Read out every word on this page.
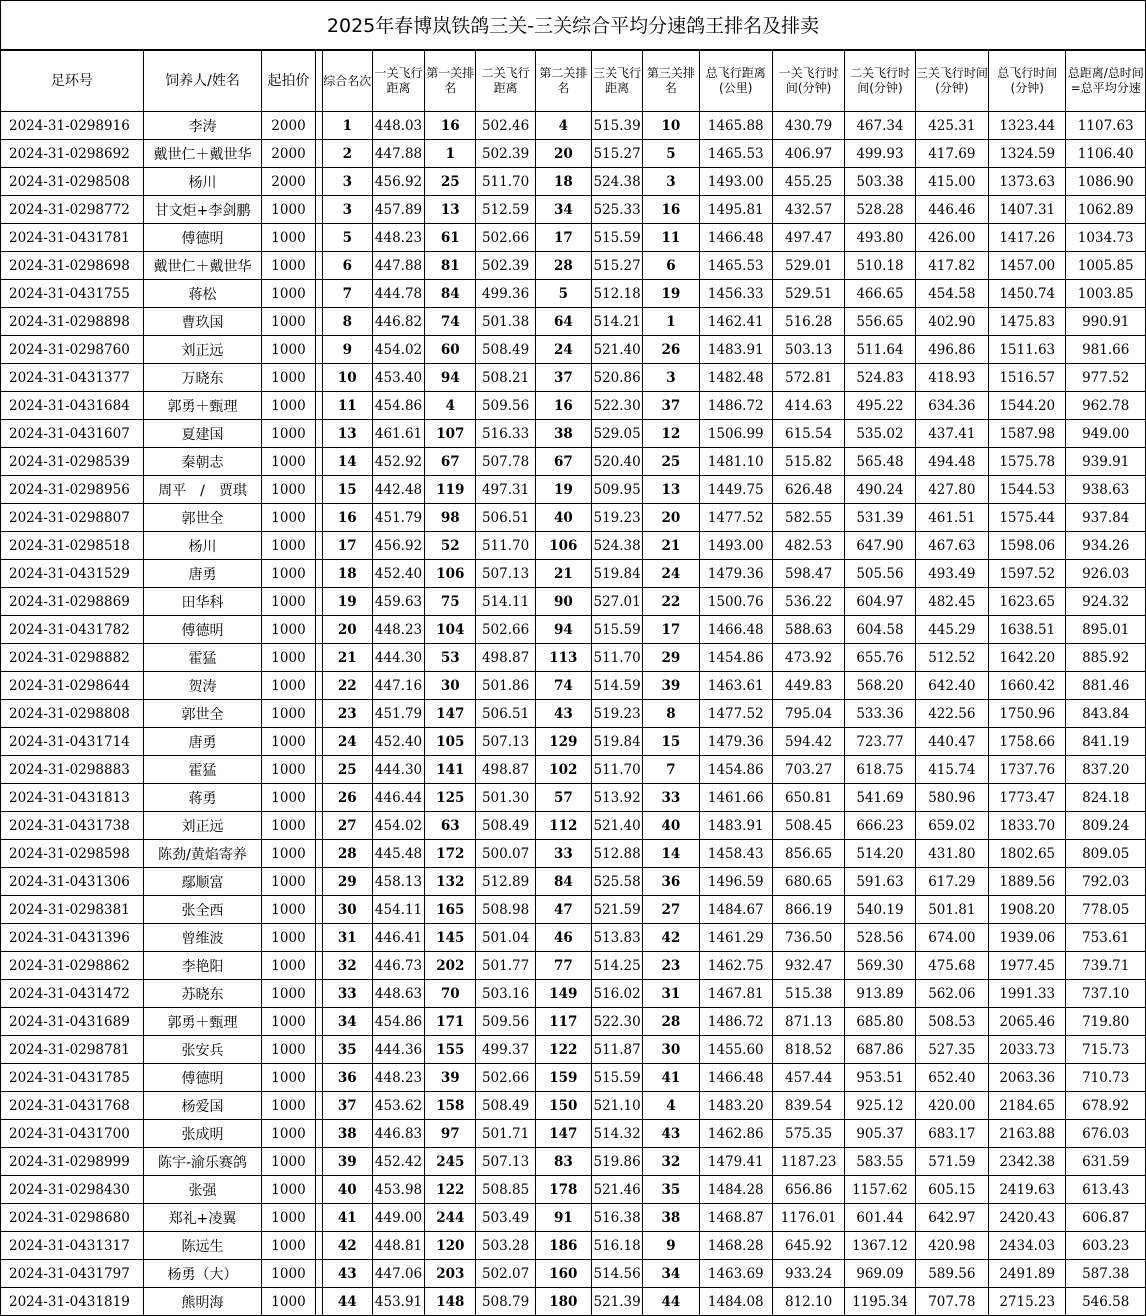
2025年春博岚铁鸽三关-三关综合平均分速鸽王排名及排卖
足环号	饲养人/姓名	起拍价		综合名次	一关飞行距离	第一关排名	二关飞行距离	第二关排名	三关飞行距离	第三关排名	总飞行距离(公里)	一关飞行时间(分钟)	二关飞行时间(分钟)	三关飞行时间(分钟)	总飞行时间(分钟)	总距离/总时间=总平均分速
2024-31-0298916	李涛	2000		1	448.03	16	502.46	4	515.39	10	1465.88	430.79	467.34	425.31	1323.44	1107.63
2024-31-0298692	戴世仁＋戴世华	2000		2	447.88	1	502.39	20	515.27	5	1465.53	406.97	499.93	417.69	1324.59	1106.40
2024-31-0298508	杨川	2000		3	456.92	25	511.70	18	524.38	3	1493.00	455.25	503.38	415.00	1373.63	1086.90
2024-31-0298772	甘文炬+李剑鹏	1000		3	457.89	13	512.59	34	525.33	16	1495.81	432.57	528.28	446.46	1407.31	1062.89
2024-31-0431781	傅德明	1000		5	448.23	61	502.66	17	515.59	11	1466.48	497.47	493.80	426.00	1417.26	1034.73
2024-31-0298698	戴世仁＋戴世华	1000		6	447.88	81	502.39	28	515.27	6	1465.53	529.01	510.18	417.82	1457.00	1005.85
2024-31-0431755	蒋松	1000		7	444.78	84	499.36	5	512.18	19	1456.33	529.51	466.65	454.58	1450.74	1003.85
2024-31-0298898	曹玖国	1000		8	446.82	74	501.38	64	514.21	1	1462.41	516.28	556.65	402.90	1475.83	990.91
2024-31-0298760	刘正远	1000		9	454.02	60	508.49	24	521.40	26	1483.91	503.13	511.64	496.86	1511.63	981.66
2024-31-0431377	万晓东	1000		10	453.40	94	508.21	37	520.86	3	1482.48	572.81	524.83	418.93	1516.57	977.52
2024-31-0431684	郭勇＋甄理	1000		11	454.86	4	509.56	16	522.30	37	1486.72	414.63	495.22	634.36	1544.20	962.78
2024-31-0431607	夏建国	1000		13	461.61	107	516.33	38	529.05	12	1506.99	615.54	535.02	437.41	1587.98	949.00
2024-31-0298539	秦朝志	1000		14	452.92	67	507.78	67	520.40	25	1481.10	515.82	565.48	494.48	1575.78	939.91
2024-31-0298956	周平　/　贾琪	1000		15	442.48	119	497.31	19	509.95	13	1449.75	626.48	490.24	427.80	1544.53	938.63
2024-31-0298807	郭世全	1000		16	451.79	98	506.51	40	519.23	20	1477.52	582.55	531.39	461.51	1575.44	937.84
2024-31-0298518	杨川	1000		17	456.92	52	511.70	106	524.38	21	1493.00	482.53	647.90	467.63	1598.06	934.26
2024-31-0431529	唐勇	1000		18	452.40	106	507.13	21	519.84	24	1479.36	598.47	505.56	493.49	1597.52	926.03
2024-31-0298869	田华科	1000		19	459.63	75	514.11	90	527.01	22	1500.76	536.22	604.97	482.45	1623.65	924.32
2024-31-0431782	傅德明	1000		20	448.23	104	502.66	94	515.59	17	1466.48	588.63	604.58	445.29	1638.51	895.01
2024-31-0298882	霍猛	1000		21	444.30	53	498.87	113	511.70	29	1454.86	473.92	655.76	512.52	1642.20	885.92
2024-31-0298644	贺涛	1000		22	447.16	30	501.86	74	514.59	39	1463.61	449.83	568.20	642.40	1660.42	881.46
2024-31-0298808	郭世全	1000		23	451.79	147	506.51	43	519.23	8	1477.52	795.04	533.36	422.56	1750.96	843.84
2024-31-0431714	唐勇	1000		24	452.40	105	507.13	129	519.84	15	1479.36	594.42	723.77	440.47	1758.66	841.19
2024-31-0298883	霍猛	1000		25	444.30	141	498.87	102	511.70	7	1454.86	703.27	618.75	415.74	1737.76	837.20
2024-31-0431813	蒋勇	1000		26	446.44	125	501.30	57	513.92	33	1461.66	650.81	541.69	580.96	1773.47	824.18
2024-31-0431738	刘正远	1000		27	454.02	63	508.49	112	521.40	40	1483.91	508.45	666.23	659.02	1833.70	809.24
2024-31-0298598	陈劲/黄焰寄养	1000		28	445.48	172	500.07	33	512.88	14	1458.43	856.65	514.20	431.80	1802.65	809.05
2024-31-0431306	鄢顺富	1000		29	458.13	132	512.89	84	525.58	36	1496.59	680.65	591.63	617.29	1889.56	792.03
2024-31-0298381	张全西	1000		30	454.11	165	508.98	47	521.59	27	1484.67	866.19	540.19	501.81	1908.20	778.05
2024-31-0431396	曾维波	1000		31	446.41	145	501.04	46	513.83	42	1461.29	736.50	528.56	674.00	1939.06	753.61
2024-31-0298862	李艳阳	1000		32	446.73	202	501.77	77	514.25	23	1462.75	932.47	569.30	475.68	1977.45	739.71
2024-31-0431472	苏晓东	1000		33	448.63	70	503.16	149	516.02	31	1467.81	515.38	913.89	562.06	1991.33	737.10
2024-31-0431689	郭勇＋甄理	1000		34	454.86	171	509.56	117	522.30	28	1486.72	871.13	685.80	508.53	2065.46	719.80
2024-31-0298781	张安兵	1000		35	444.36	155	499.37	122	511.87	30	1455.60	818.52	687.86	527.35	2033.73	715.73
2024-31-0431785	傅德明	1000		36	448.23	39	502.66	159	515.59	41	1466.48	457.44	953.51	652.40	2063.36	710.73
2024-31-0431768	杨爱国	1000		37	453.62	158	508.49	150	521.10	4	1483.20	839.54	925.12	420.00	2184.65	678.92
2024-31-0431700	张成明	1000		38	446.83	97	501.71	147	514.32	43	1462.86	575.35	905.37	683.17	2163.88	676.03
2024-31-0298999	陈宇-渝乐赛鸽	1000		39	452.42	245	507.13	83	519.86	32	1479.41	1187.23	583.55	571.59	2342.38	631.59
2024-31-0298430	张强	1000		40	453.98	122	508.85	178	521.46	35	1484.28	656.86	1157.62	605.15	2419.63	613.43
2024-31-0298680	郑礼+凌翼	1000		41	449.00	244	503.49	91	516.38	38	1468.87	1176.01	601.44	642.97	2420.43	606.87
2024-31-0431317	陈远生	1000		42	448.81	120	503.28	186	516.18	9	1468.28	645.92	1367.12	420.98	2434.03	603.23
2024-31-0431797	杨勇（大）	1000		43	447.06	203	502.07	160	514.56	34	1463.69	933.24	969.09	589.56	2491.89	587.38
2024-31-0431819	熊明海	1000		44	453.91	148	508.79	180	521.39	44	1484.08	812.10	1195.34	707.78	2715.23	546.58
